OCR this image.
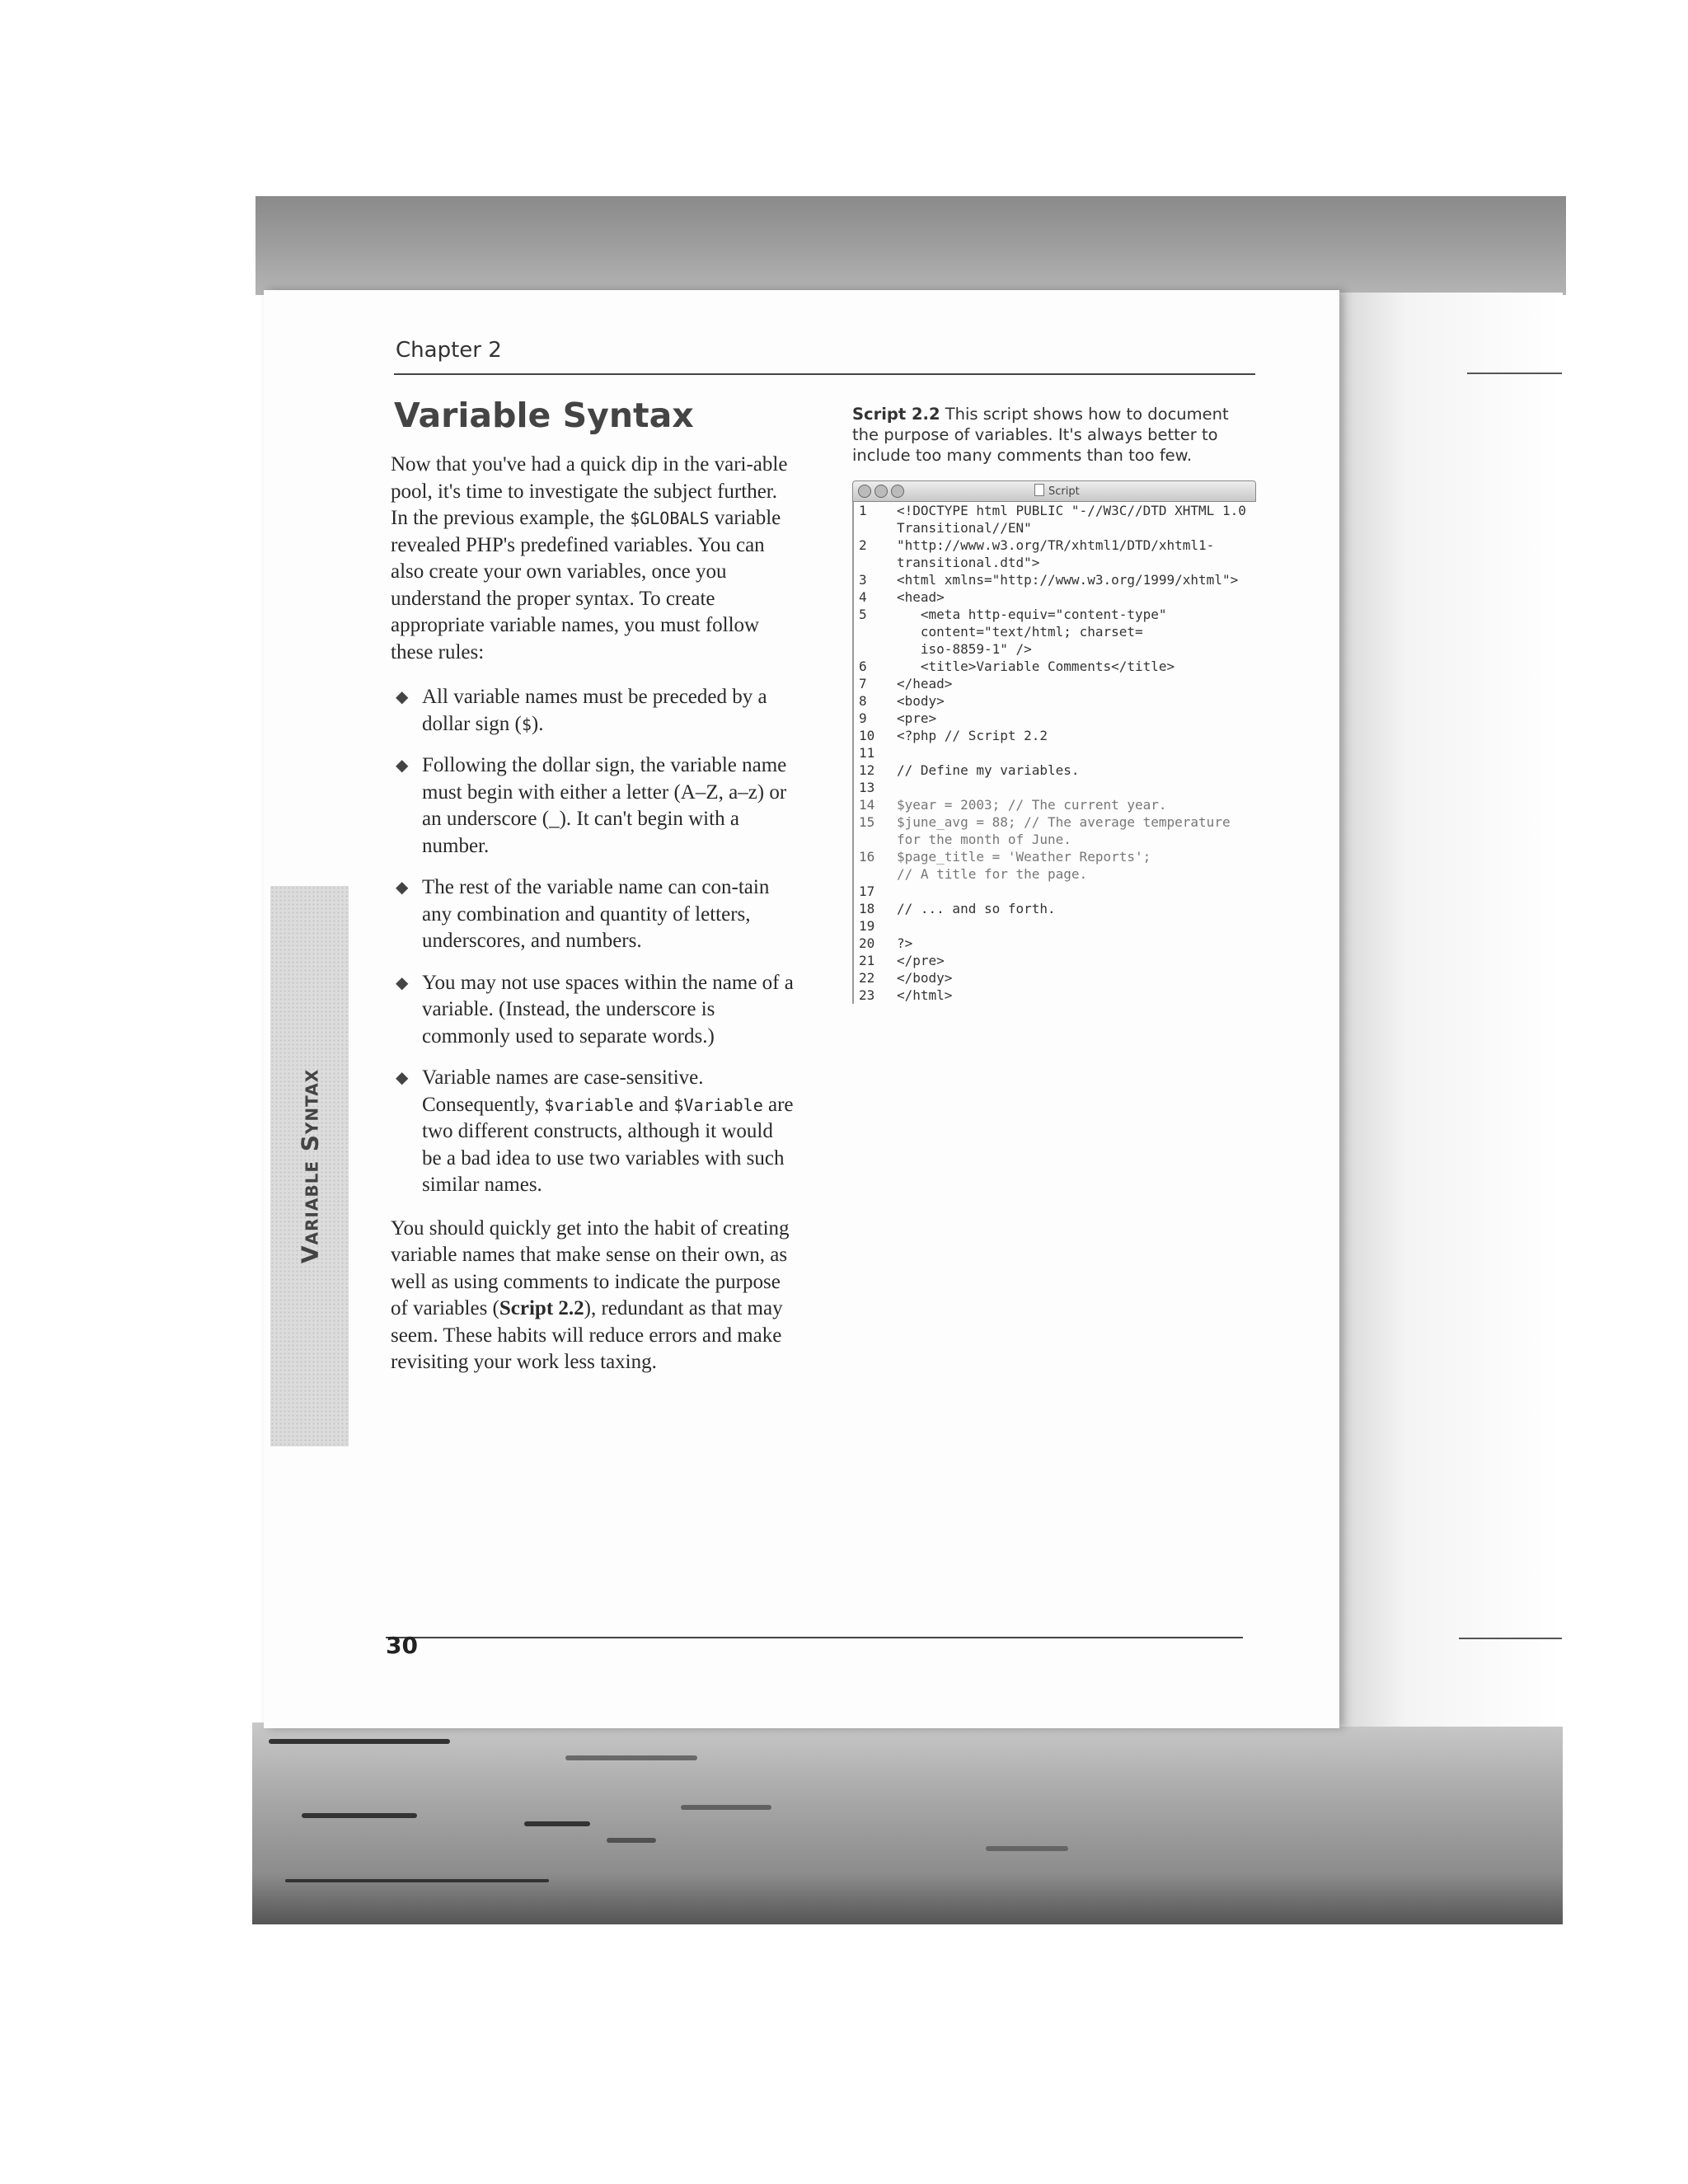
Variable Syntax
Chapter 2
Variable Syntax

Now that you've had a quick dip in the vari-able pool, it's time to investigate the subject further. In the previous example, the $GLOBALS variable revealed PHP's predefined variables. You can also create your own variables, once you understand the proper syntax. To create appropriate variable names, you must follow these rules:

◆ All variable names must be preceded by a dollar sign ($).
◆ Following the dollar sign, the variable name must begin with either a letter (A–Z, a–z) or an underscore (_). It can't begin with a number.
◆ The rest of the variable name can con-tain any combination and quantity of letters, underscores, and numbers.
◆ You may not use spaces within the name of a variable. (Instead, the underscore is commonly used to separate words.)
◆ Variable names are case-sensitive. Consequently, $variable and $Variable are two different constructs, although it would be a bad idea to use two variables with such similar names.

You should quickly get into the habit of creating variable names that make sense on their own, as well as using comments to indicate the purpose of variables (Script 2.2), redundant as that may seem. These habits will reduce errors and make revisiting your work less taxing.

Script 2.2 This script shows how to document the purpose of variables. It's always better to include too many comments than too few.
Script
1	<!DOCTYPE html PUBLIC "-//W3C//DTD XHTML 1.0 Transitional//EN"
2	"http://www.w3.org/TR/xhtml1/DTD/xhtml1-transitional.dtd">
3	<html xmlns="http://www.w3.org/1999/xhtml">
4	<head>
5	<meta http-equiv="content-type"
content="text/html; charset=
iso-8859-1" />
6	<title>Variable Comments</title>
7	</head>
8	<body>
9	<pre>
10	<?php // Script 2.2
11

12	// Define my variables.
13

14	$year = 2003; // The current year.
15	$june_avg = 88; // The average temperature for the month of June.
16	$page_title = 'Weather Reports';
// A title for the page.
17

18	// ... and so forth.
19

20	?>
21	</pre>
22	</body>
23	</html>
30
